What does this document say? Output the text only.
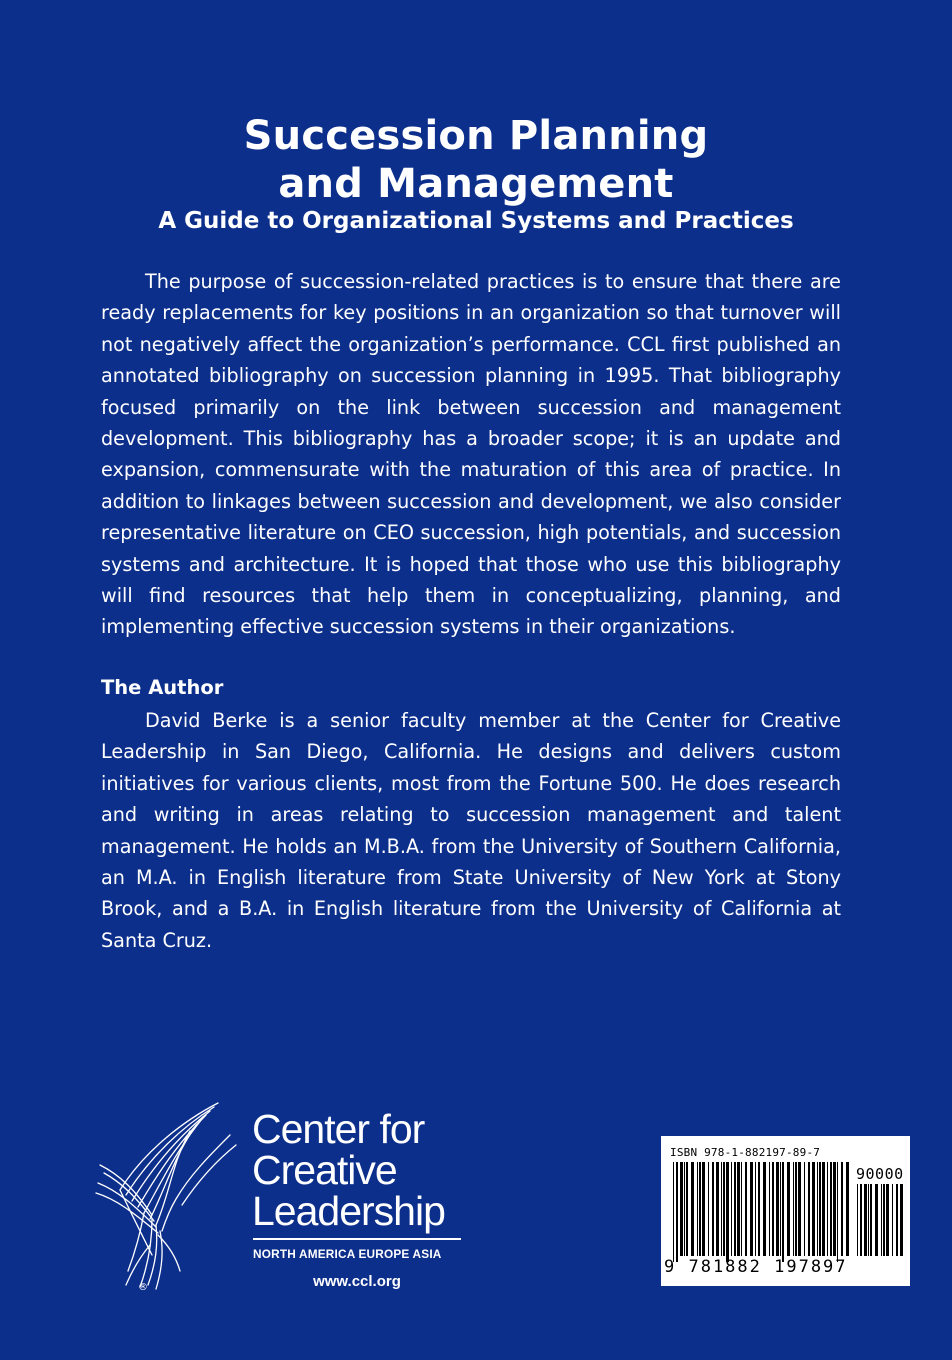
Succession Planning
and Management
A Guide to Organizational Systems and Practices

The purpose of succession-related practices is to ensure that there are ready replacements for key positions in an organization so that turnover will not negatively affect the organization’s performance. CCL first published an annotated bibliography on succession planning in 1995. That bibliography focused primarily on the link between succession and management development. This bibliography has a broader scope; it is an update and expansion, commensurate with the maturation of this area of practice. In addition to linkages between succession and development, we also consider representative literature on CEO succession, high potentials, and succession systems and architecture. It is hoped that those who use this bibliography will find resources that help them in conceptualizing, planning, and implementing effective succession systems in their organizations.

The Author

David Berke is a senior faculty member at the Center for Creative Leadership in San Diego, California. He designs and delivers custom initiatives for various clients, most from the Fortune 500. He does research and writing in areas relating to succession management and talent management. He holds an M.B.A. from the University of Southern California, an M.A. in English literature from State University of New York at Stony Brook, and a B.A. in English literature from the University of California at Santa Cruz.

Center for
Creative
Leadership
NORTH AMERICA EUROPE ASIA
www.ccl.org
®
ISBN 978-1-882197-89-7
90000
9 781882 197897
